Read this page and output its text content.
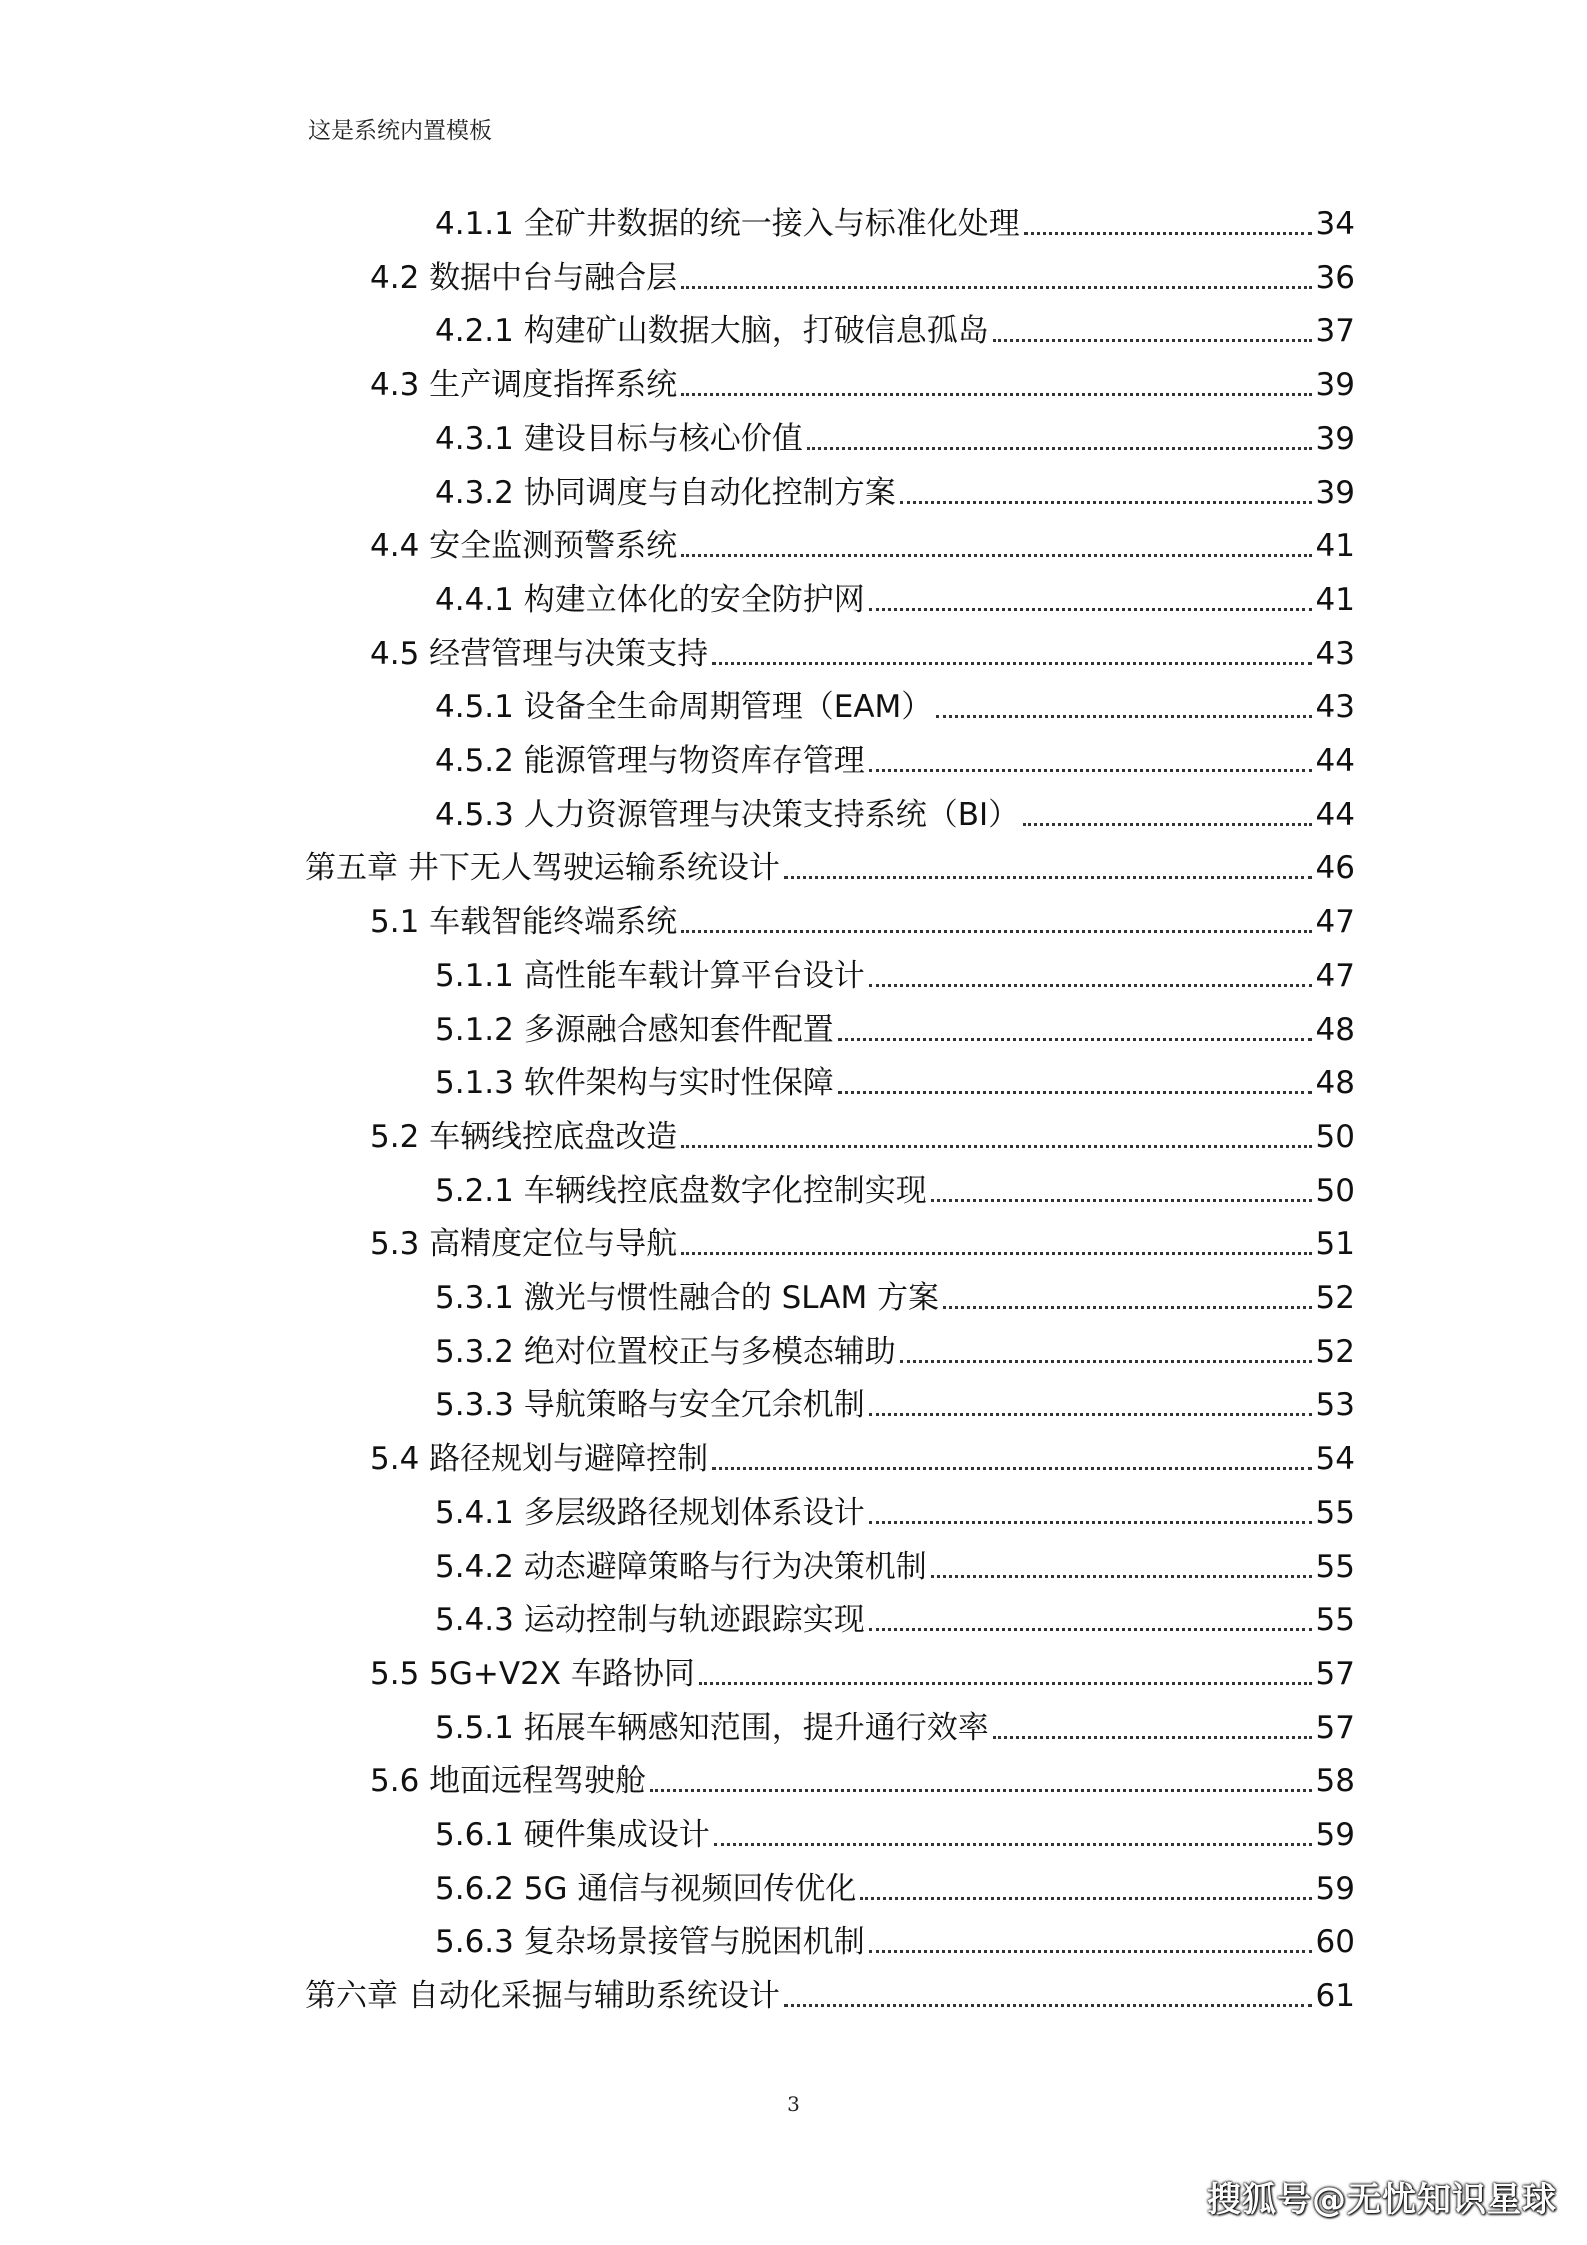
这是系统内置模板
4.1.1 全矿井数据的统一接入与标准化处理	34
4.2 数据中台与融合层	36
4.2.1 构建矿山数据大脑，打破信息孤岛	37
4.3 生产调度指挥系统	39
4.3.1 建设目标与核心价值	39
4.3.2 协同调度与自动化控制方案	39
4.4 安全监测预警系统	41
4.4.1 构建立体化的安全防护网	41
4.5 经营管理与决策支持	43
4.5.1 设备全生命周期管理（EAM）	43
4.5.2 能源管理与物资库存管理	44
4.5.3 人力资源管理与决策支持系统（BI）	44
第五章 井下无人驾驶运输系统设计	46
5.1 车载智能终端系统	47
5.1.1 高性能车载计算平台设计	47
5.1.2 多源融合感知套件配置	48
5.1.3 软件架构与实时性保障	48
5.2 车辆线控底盘改造	50
5.2.1 车辆线控底盘数字化控制实现	50
5.3 高精度定位与导航	51
5.3.1 激光与惯性融合的 SLAM 方案	52
5.3.2 绝对位置校正与多模态辅助	52
5.3.3 导航策略与安全冗余机制	53
5.4 路径规划与避障控制	54
5.4.1 多层级路径规划体系设计	55
5.4.2 动态避障策略与行为决策机制	55
5.4.3 运动控制与轨迹跟踪实现	55
5.5 5G+V2X 车路协同	57
5.5.1 拓展车辆感知范围，提升通行效率	57
5.6 地面远程驾驶舱	58
5.6.1 硬件集成设计	59
5.6.2 5G 通信与视频回传优化	59
5.6.3 复杂场景接管与脱困机制	60
第六章 自动化采掘与辅助系统设计	61
3
搜狐号@无忧知识星球
